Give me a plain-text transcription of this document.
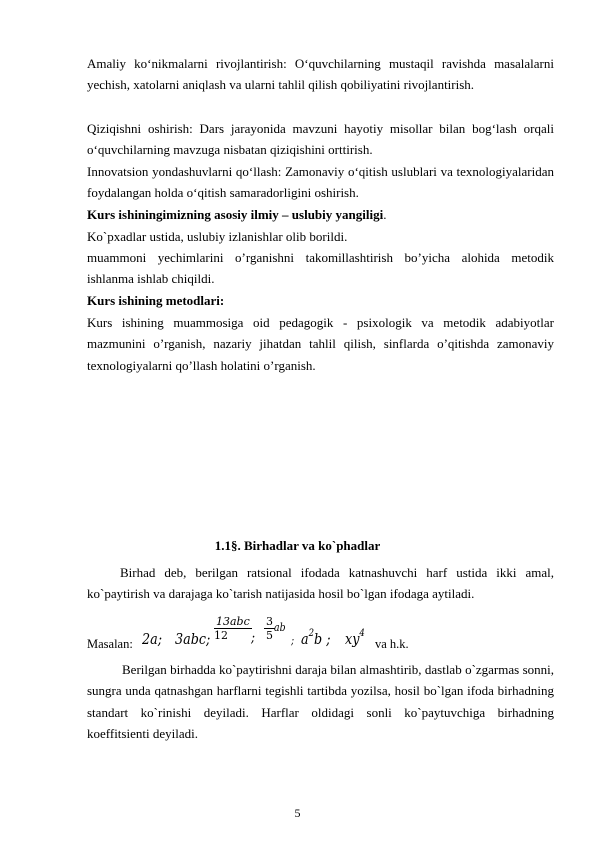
Amaliy ko‘nikmalarni rivojlantirish: O‘quvchilarning mustaqil ravishda masalalarni yechish, xatolarni aniqlash va ularni tahlil qilish qobiliyatini rivojlantirish.

Qiziqishni oshirish: Dars jarayonida mavzuni hayotiy misollar bilan bog‘lash orqali o‘quvchilarning mavzuga nisbatan qiziqishini orttirish.

Innovatsion yondashuvlarni qo‘llash: Zamonaviy o‘qitish uslublari va texnologiyalaridan foydalangan holda o‘qitish samaradorligini oshirish.

Kurs ishiningimizning asosiy ilmiy – uslubiy yangiligi.

Ko`pxadlar ustida, uslubiy izlanishlar olib borildi.

muammoni yechimlarini o’rganishni takomillashtirish bo’yicha alohida metodik ishlanma ishlab chiqildi.

Kurs ishining metodlari:

Kurs ishining muammosiga oid pedagogik - psixologik va metodik adabiyotlar mazmunini o’rganish, nazariy jihatdan tahlil qilish, sinflarda o’qitishda zamonaviy texnologiyalarni qo’llash holatini o’rganish.

1.1§. Birhadlar va ko`phadlar

Birhad deb, berilgan ratsional ifodada katnashuvchi harf ustida ikki amal, ko`paytirish va darajaga ko`tarish natijasida hosil bo`lgan ifodaga aytiladi.

Masalan: 2a; 3abc;
13abc
12	; $\frac{3}{5}$ ab
; $a^2b$ ; $xy^4$
va h.k.

Berilgan birhadda ko`paytirishni daraja bilan almashtirib, dastlab o`zgarmas sonni, sungra unda qatnashgan harflarni tegishli tartibda yozilsa, hosil bo`lgan ifoda birhadning standart ko`rinishi deyiladi. Harflar oldidagi sonli ko`paytuvchiga birhadning koeffitsienti deyiladi.

5
